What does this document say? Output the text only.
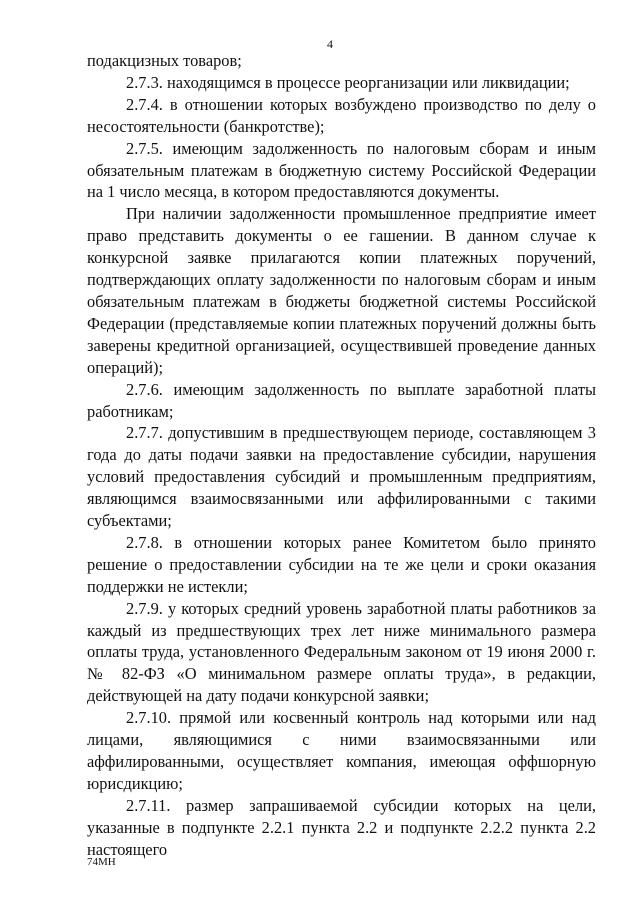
4

подакцизных товаров;

2.7.3. находящимся в процессе реорганизации или ликвидации;

2.7.4. в отношении которых возбуждено производство по делу о несостоятельности (банкротстве);

2.7.5. имеющим задолженность по налоговым сборам и иным обязательным платежам в бюджетную систему Российской Федерации на 1 число месяца, в котором предоставляются документы.

При наличии задолженности промышленное предприятие имеет право представить документы о ее гашении. В данном случае к конкурсной заявке прилагаются копии платежных поручений, подтверждающих оплату задолженности по налоговым сборам и иным обязательным платежам в бюджеты бюджетной системы Российской Федерации (представляемые копии платежных поручений должны быть заверены кредитной организацией, осуществившей проведение данных операций);

2.7.6. имеющим задолженность по выплате заработной платы работникам;

2.7.7. допустившим в предшествующем периоде, составляющем 3 года до даты подачи заявки на предоставление субсидии, нарушения условий предоставления субсидий и промышленным предприятиям, являющимся взаимосвязанными или аффилированными с такими субъектами;

2.7.8. в отношении которых ранее Комитетом было принято решение о предоставлении субсидии на те же цели и сроки оказания поддержки не истекли;

2.7.9. у которых средний уровень заработной платы работников за каждый из предшествующих трех лет ниже минимального размера оплаты труда, установленного Федеральным законом от 19 июня 2000 г. № 82-ФЗ «О минимальном размере оплаты труда», в редакции, действующей на дату подачи конкурсной заявки;

2.7.10. прямой или косвенный контроль над которыми или над лицами, являющимися с ними взаимосвязанными или аффилированными, осуществляет компания, имеющая оффшорную юрисдикцию;

2.7.11. размер запрашиваемой субсидии которых на цели, указанные в подпункте 2.2.1 пункта 2.2 и подпункте 2.2.2 пункта 2.2 настоящего

74МН
